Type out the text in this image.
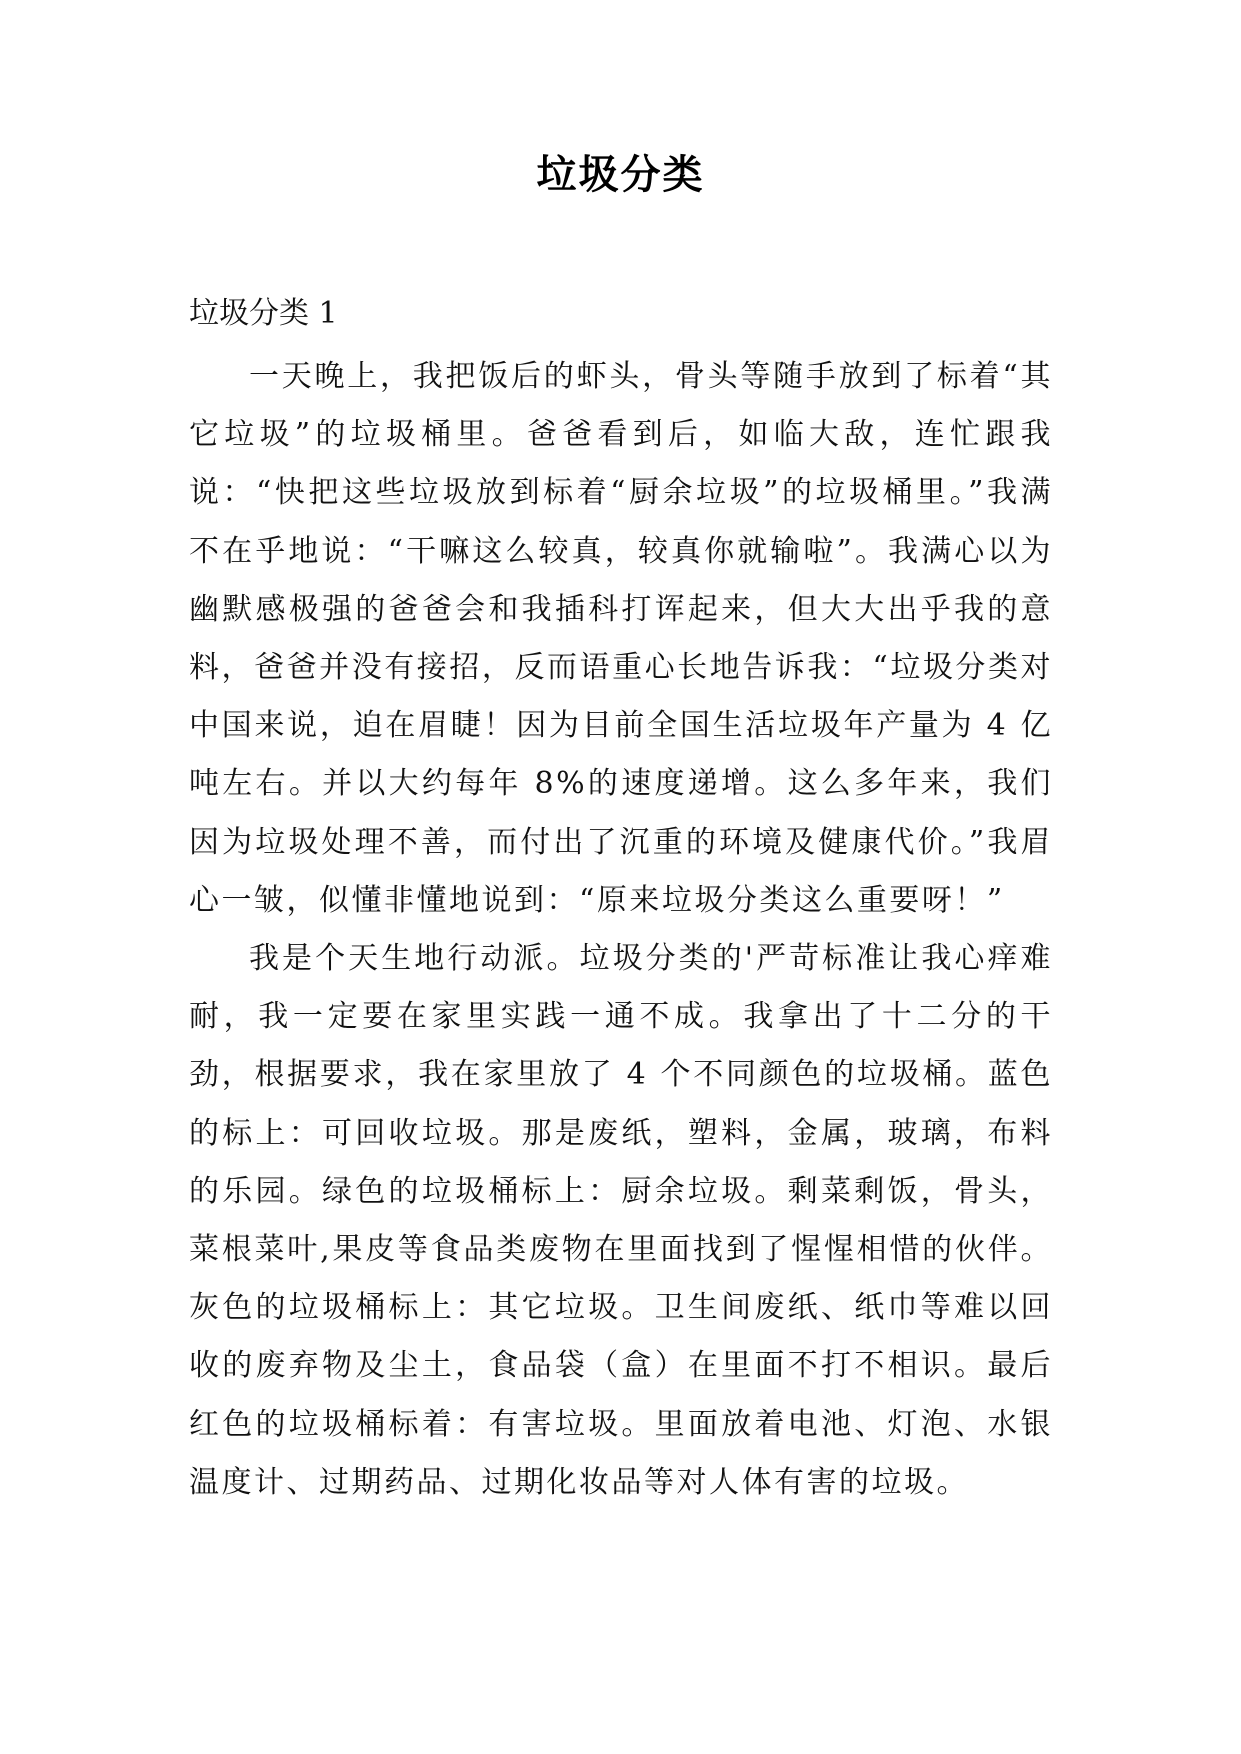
垃圾分类
垃圾分类 1

一天晚上，我把饭后的虾头，骨头等随手放到了标着“其它垃圾”的垃圾桶里。爸爸看到后，如临大敌，连忙跟我说：“快把这些垃圾放到标着“厨余垃圾”的垃圾桶里。”我满不在乎地说：“干嘛这么较真，较真你就输啦”。我满心以为幽默感极强的爸爸会和我插科打诨起来，但大大出乎我的意料，爸爸并没有接招，反而语重心长地告诉我：“垃圾分类对中国来说，迫在眉睫！因为目前全国生活垃圾年产量为 4 亿吨左右。并以大约每年 8%的速度递增。这么多年来，我们因为垃圾处理不善，而付出了沉重的环境及健康代价。”我眉心一皱，似懂非懂地说到：“原来垃圾分类这么重要呀！”

我是个天生地行动派。垃圾分类的'严苛标准让我心痒难耐，我一定要在家里实践一通不成。我拿出了十二分的干劲，根据要求，我在家里放了 4 个不同颜色的垃圾桶。蓝色的标上：可回收垃圾。那是废纸，塑料，金属，玻璃，布料的乐园。绿色的垃圾桶标上：厨余垃圾。剩菜剩饭，骨头，菜根菜叶,果皮等食品类废物在里面找到了惺惺相惜的伙伴。灰色的垃圾桶标上：其它垃圾。卫生间废纸、纸巾等难以回收的废弃物及尘土，食品袋（盒）在里面不打不相识。最后红色的垃圾桶标着：有害垃圾。里面放着电池、灯泡、水银温度计、过期药品、过期化妆品等对人体有害的垃圾。
